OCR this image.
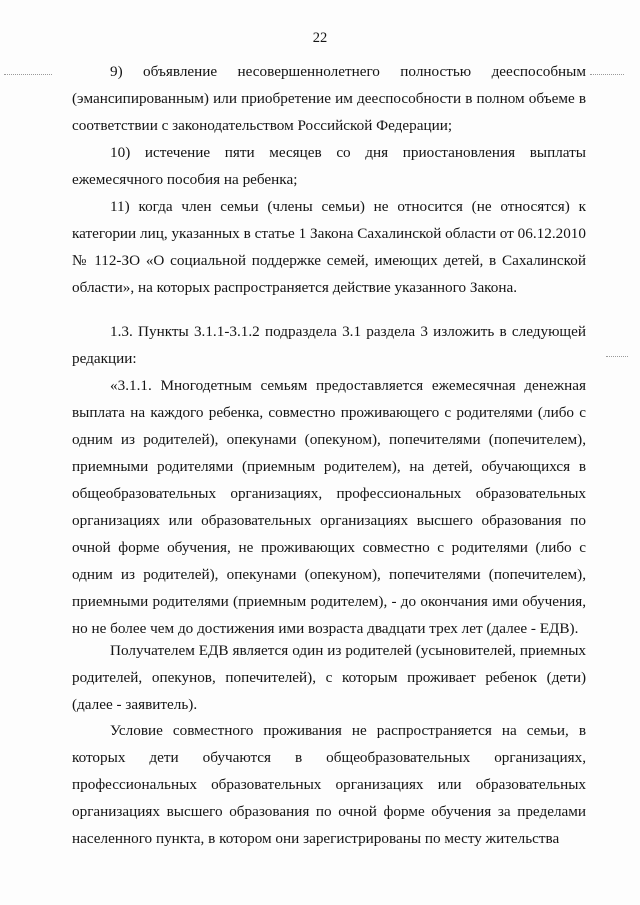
22

9) объявление несовершеннолетнего полностью дееспособным (эмансипированным) или приобретение им дееспособности в полном объеме в соответствии с законодательством Российской Федерации;

10) истечение пяти месяцев со дня приостановления выплаты ежемесячного пособия на ребенка;

11) когда член семьи (члены семьи) не относится (не относятся) к категории лиц, указанных в статье 1 Закона Сахалинской области от 06.12.2010 № 112-ЗО «О социальной поддержке семей, имеющих детей, в Сахалинской области», на которых распространяется действие указанного Закона.

1.3. Пункты 3.1.1-3.1.2 подраздела 3.1 раздела 3 изложить в следующей редакции:

«3.1.1. Многодетным семьям предоставляется ежемесячная денежная выплата на каждого ребенка, совместно проживающего с родителями (либо с одним из родителей), опекунами (опекуном), попечителями (попечителем), приемными родителями (приемным родителем), на детей, обучающихся в общеобразовательных организациях, профессиональных образовательных организациях или образовательных организациях высшего образования по очной форме обучения, не проживающих совместно с родителями (либо с одним из родителей), опекунами (опекуном), попечителями (попечителем), приемными родителями (приемным родителем), - до окончания ими обучения, но не более чем до достижения ими возраста двадцати трех лет (далее - ЕДВ).

Получателем ЕДВ является один из родителей (усыновителей, приемных родителей, опекунов, попечителей), с которым проживает ребенок (дети) (далее - заявитель).

Условие совместного проживания не распространяется на семьи, в которых дети обучаются в общеобразовательных организациях, профессиональных образовательных организациях или образовательных организациях высшего образования по очной форме обучения за пределами населенного пункта, в котором они зарегистрированы по месту жительства
